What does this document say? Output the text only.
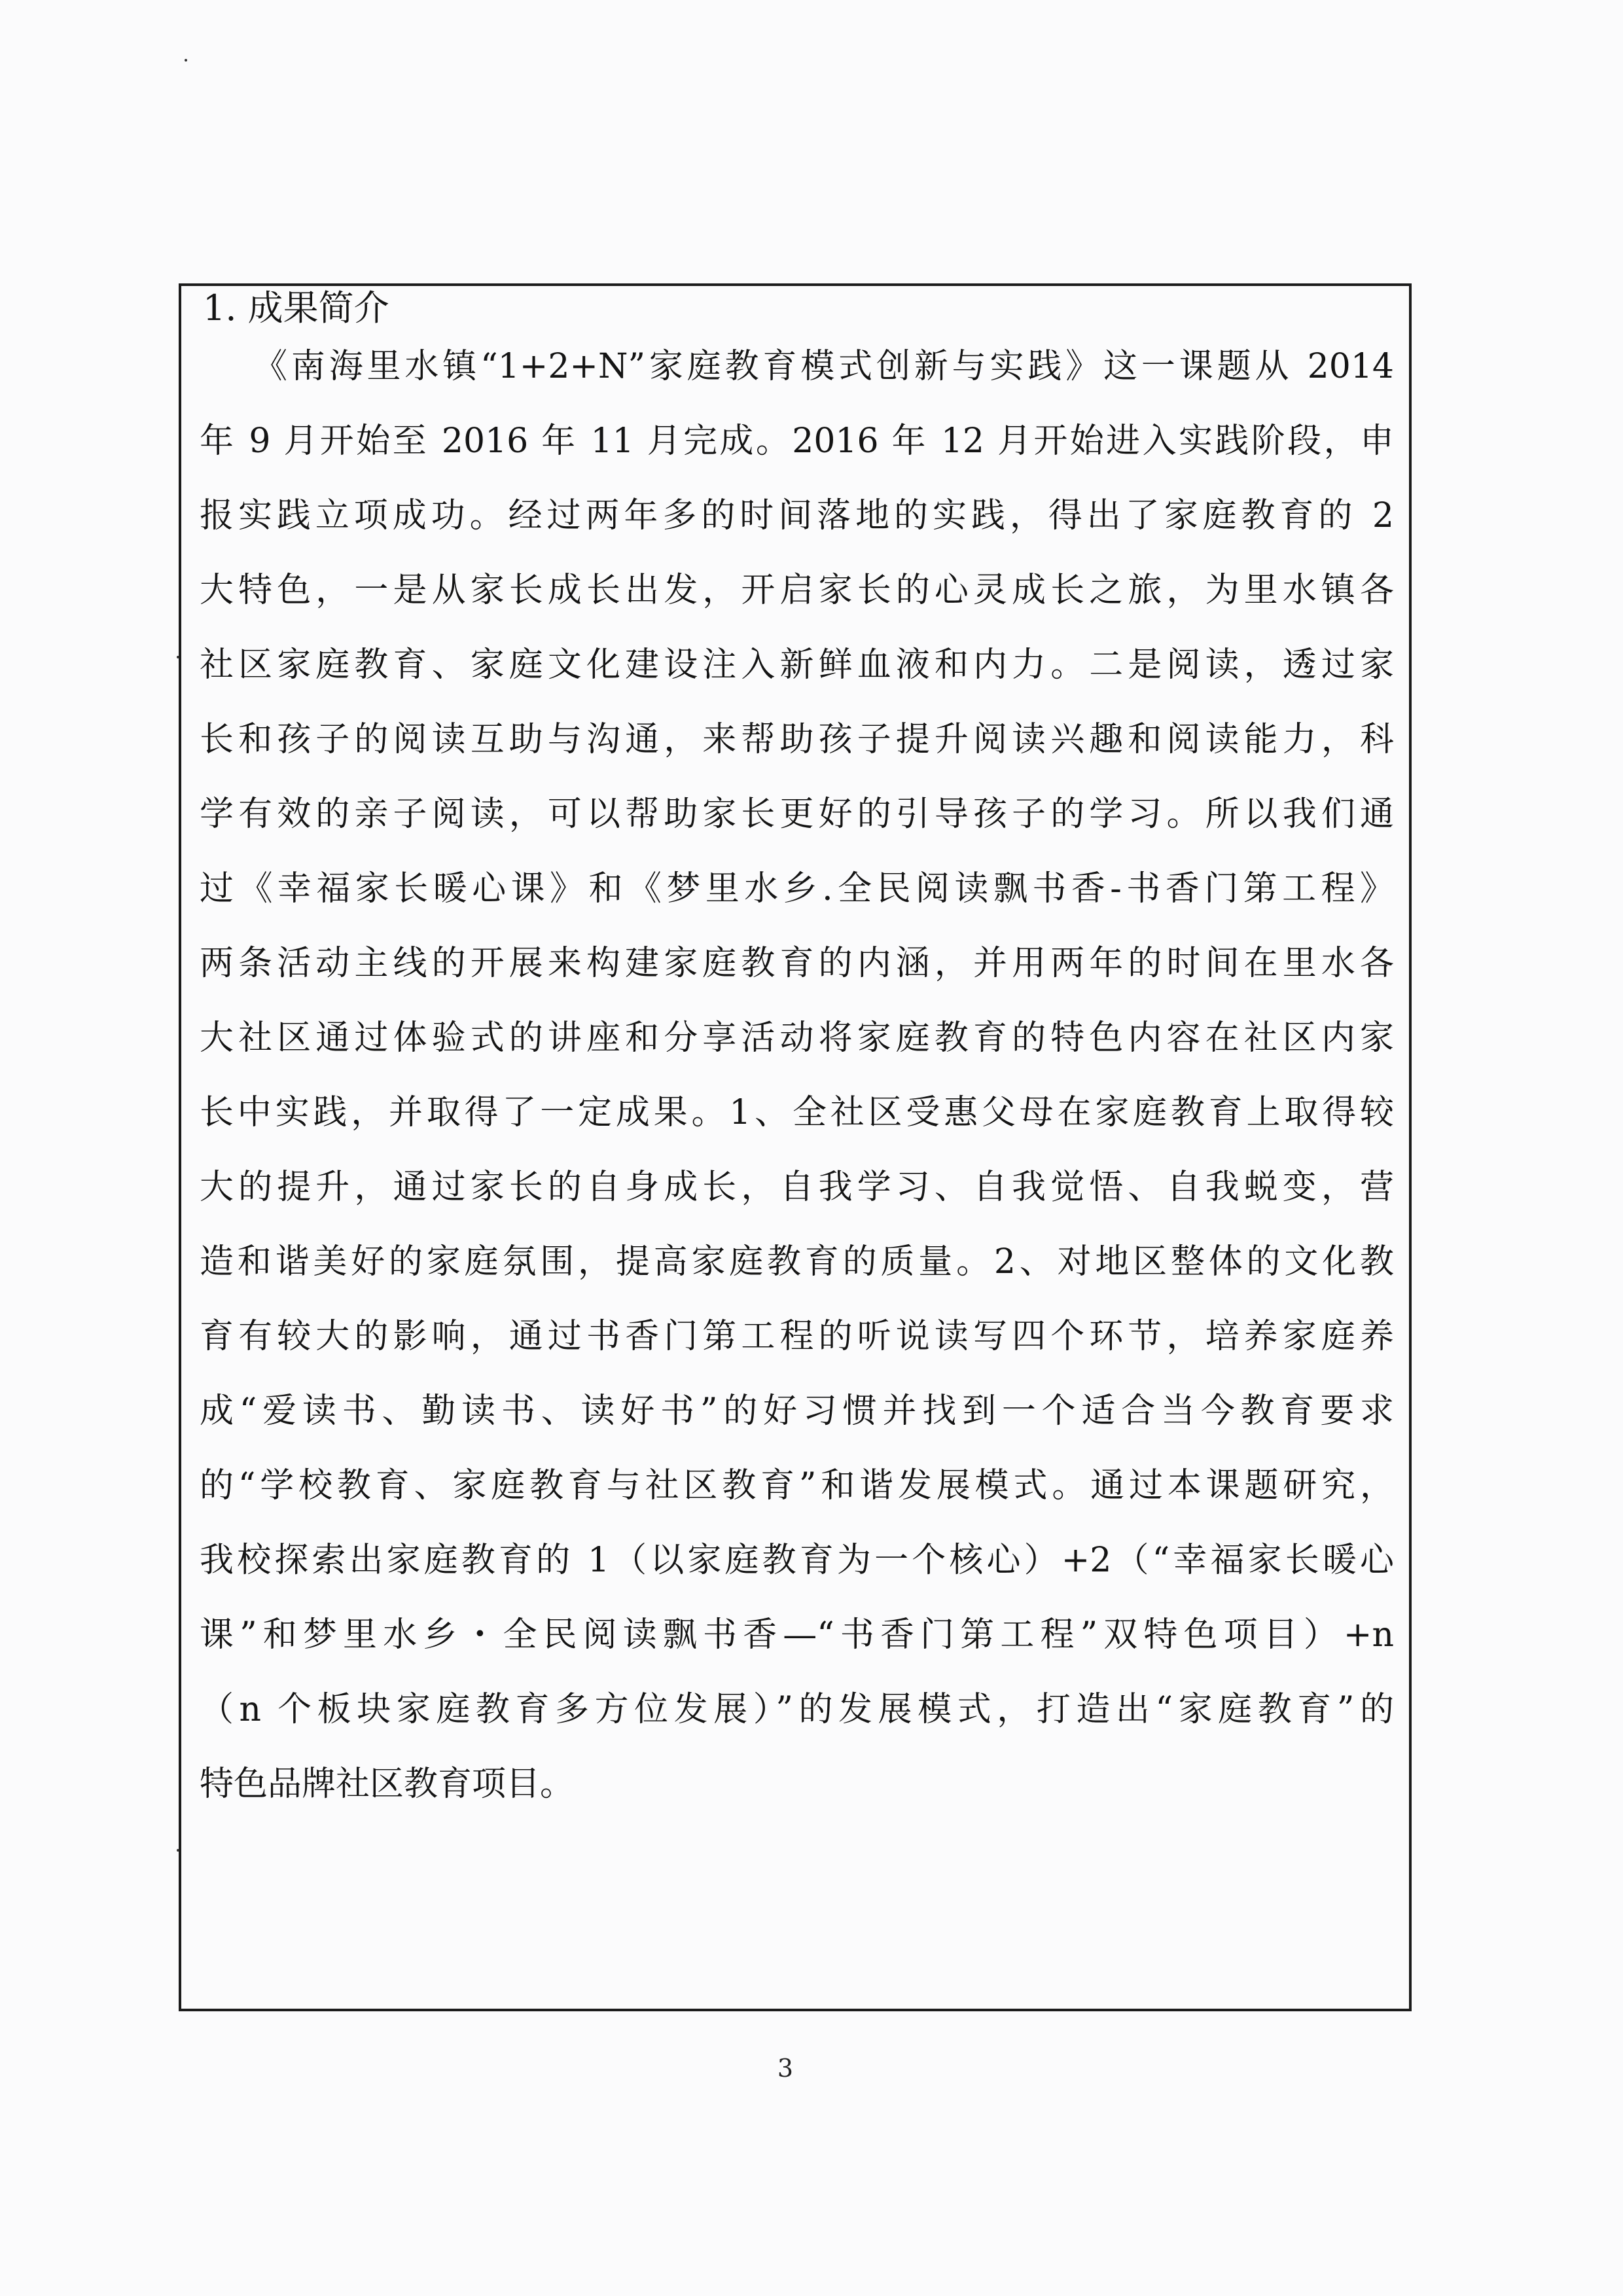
1. 成果简介
《南海里水镇“1+2+N”家庭教育模式创新与实践》这一课题从 2014
年 9 月开始至 2016 年 11 月完成。2016 年 12 月开始进入实践阶段，申
报实践立项成功。经过两年多的时间落地的实践，得出了家庭教育的 2
大特色，一是从家长成长出发，开启家长的心灵成长之旅，为里水镇各
社区家庭教育、家庭文化建设注入新鲜血液和内力。二是阅读，透过家
长和孩子的阅读互助与沟通，来帮助孩子提升阅读兴趣和阅读能力，科
学有效的亲子阅读，可以帮助家长更好的引导孩子的学习。所以我们通
过《幸福家长暖心课》和《梦里水乡.全民阅读飘书香-书香门第工程》
两条活动主线的开展来构建家庭教育的内涵，并用两年的时间在里水各
大社区通过体验式的讲座和分享活动将家庭教育的特色内容在社区内家
长中实践，并取得了一定成果。1、全社区受惠父母在家庭教育上取得较
大的提升，通过家长的自身成长，自我学习、自我觉悟、自我蜕变，营
造和谐美好的家庭氛围，提高家庭教育的质量。2、对地区整体的文化教
育有较大的影响，通过书香门第工程的听说读写四个环节，培养家庭养
成“爱读书、勤读书、读好书”的好习惯并找到一个适合当今教育要求
的“学校教育、家庭教育与社区教育”和谐发展模式。通过本课题研究，
我校探索出家庭教育的 1（以家庭教育为一个核心）+2（“幸福家长暖心
课”和梦里水乡・全民阅读飘书香—“书香门第工程”双特色项目）+n
（n 个板块家庭教育多方位发展）”的发展模式，打造出“家庭教育”的
特色品牌社区教育项目。
3
